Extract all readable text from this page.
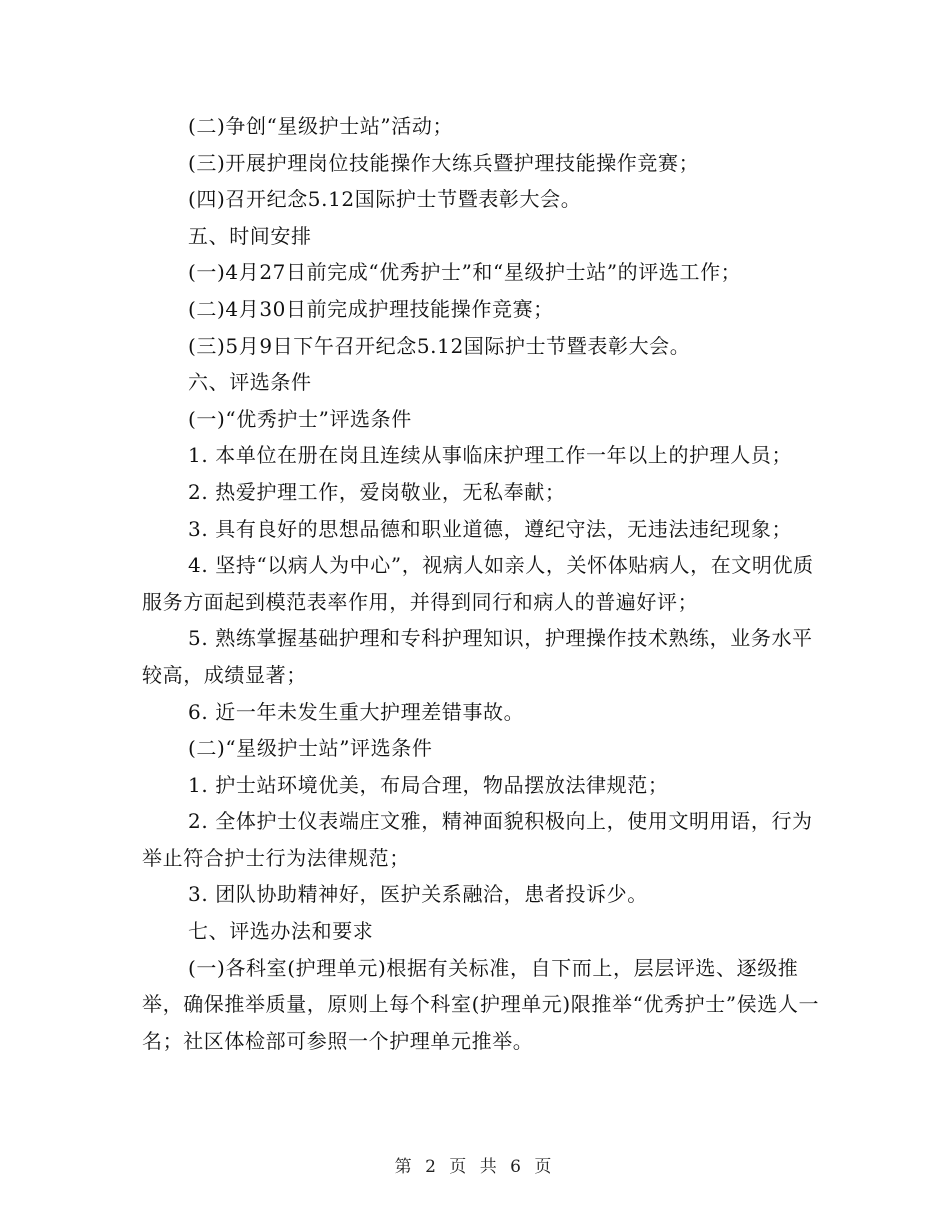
(二)争创“星级护士站”活动；

(三)开展护理岗位技能操作大练兵暨护理技能操作竞赛；

(四)召开纪念5.12国际护士节暨表彰大会。

五、时间安排

(一)4月27日前完成“优秀护士”和“星级护士站”的评选工作；

(二)4月30日前完成护理技能操作竞赛；

(三)5月9日下午召开纪念5.12国际护士节暨表彰大会。

六、评选条件

(一)“优秀护士”评选条件

1. 本单位在册在岗且连续从事临床护理工作一年以上的护理人员；

2. 热爱护理工作，爱岗敬业，无私奉献；

3. 具有良好的思想品德和职业道德，遵纪守法，无违法违纪现象；

4. 坚持“以病人为中心”，视病人如亲人，关怀体贴病人，在文明优质服务方面起到模范表率作用，并得到同行和病人的普遍好评；

5. 熟练掌握基础护理和专科护理知识，护理操作技术熟练，业务水平较高，成绩显著；

6. 近一年未发生重大护理差错事故。

(二)“星级护士站”评选条件

1. 护士站环境优美，布局合理，物品摆放法律规范；

2. 全体护士仪表端庄文雅，精神面貌积极向上，使用文明用语，行为举止符合护士行为法律规范；

3. 团队协助精神好，医护关系融洽，患者投诉少。

七、评选办法和要求

(一)各科室(护理单元)根据有关标准，自下而上，层层评选、逐级推举，确保推举质量，原则上每个科室(护理单元)限推举“优秀护士”侯选人一名；社区体检部可参照一个护理单元推举。

第 2 页 共 6 页
